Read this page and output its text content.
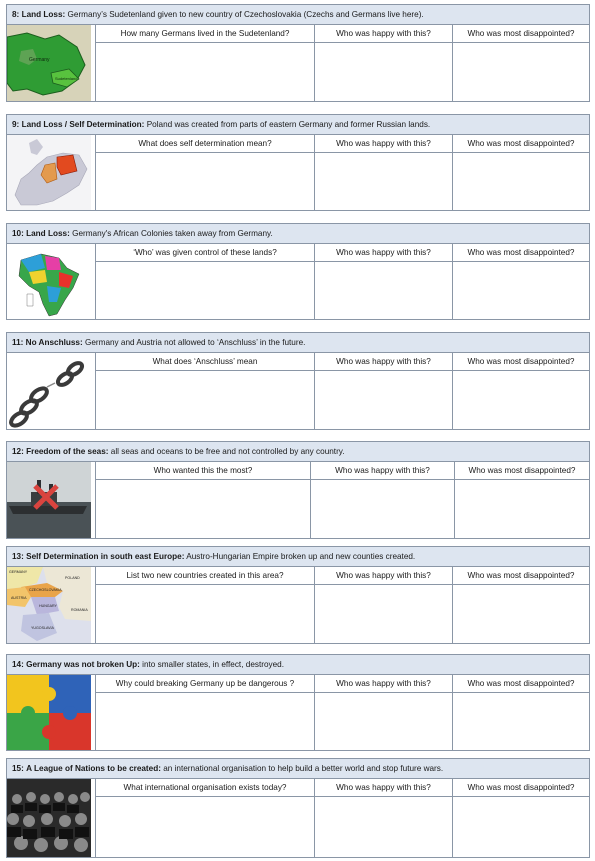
8: Land Loss: Germany’s Sudetenland given to new country of Czechoslovakia (Czechs and Germans live here).
Germany
Sudetenland
How many Germans lived in the Sudetenland?	Who was happy with this?	Who was most disappointed?
9: Land Loss / Self Determination: Poland was created from parts of eastern Germany and former Russian lands.
What does self determination mean?	Who was happy with this?	Who was most disappointed?
10: Land Loss: Germany's African Colonies taken away from Germany.
‘Who’ was given control of these lands?	Who was happy with this?	Who was most disappointed?
11: No Anschluss: Germany and Austria not allowed to ‘Anschluss’ in the future.
What does ‘Anschluss’ mean	Who was happy with this?	Who was most disappointed?
12: Freedom of the seas: all seas and oceans to be free and not controlled by any country.
Who wanted this the most?	Who was happy with this?	Who was most disappointed?
13: Self Determination in south east Europe: Austro-Hungarian Empire broken up and new counties created.
GERMANY
POLAND
CZECHOSLOVAKIA
AUSTRIA
HUNGARY
ROMANIA
YUGOSLAVIA
List two new countries created in this area?	Who was happy with this?	Who was most disappointed?
14: Germany was not broken Up: into smaller states, in effect, destroyed.
Why could breaking Germany up be dangerous ?	Who was happy with this?	Who was most disappointed?
15: A League of Nations to be created: an international organisation to help build a better world and stop future wars.
What international organisation exists today?	Who was happy with this?	Who was most disappointed?
